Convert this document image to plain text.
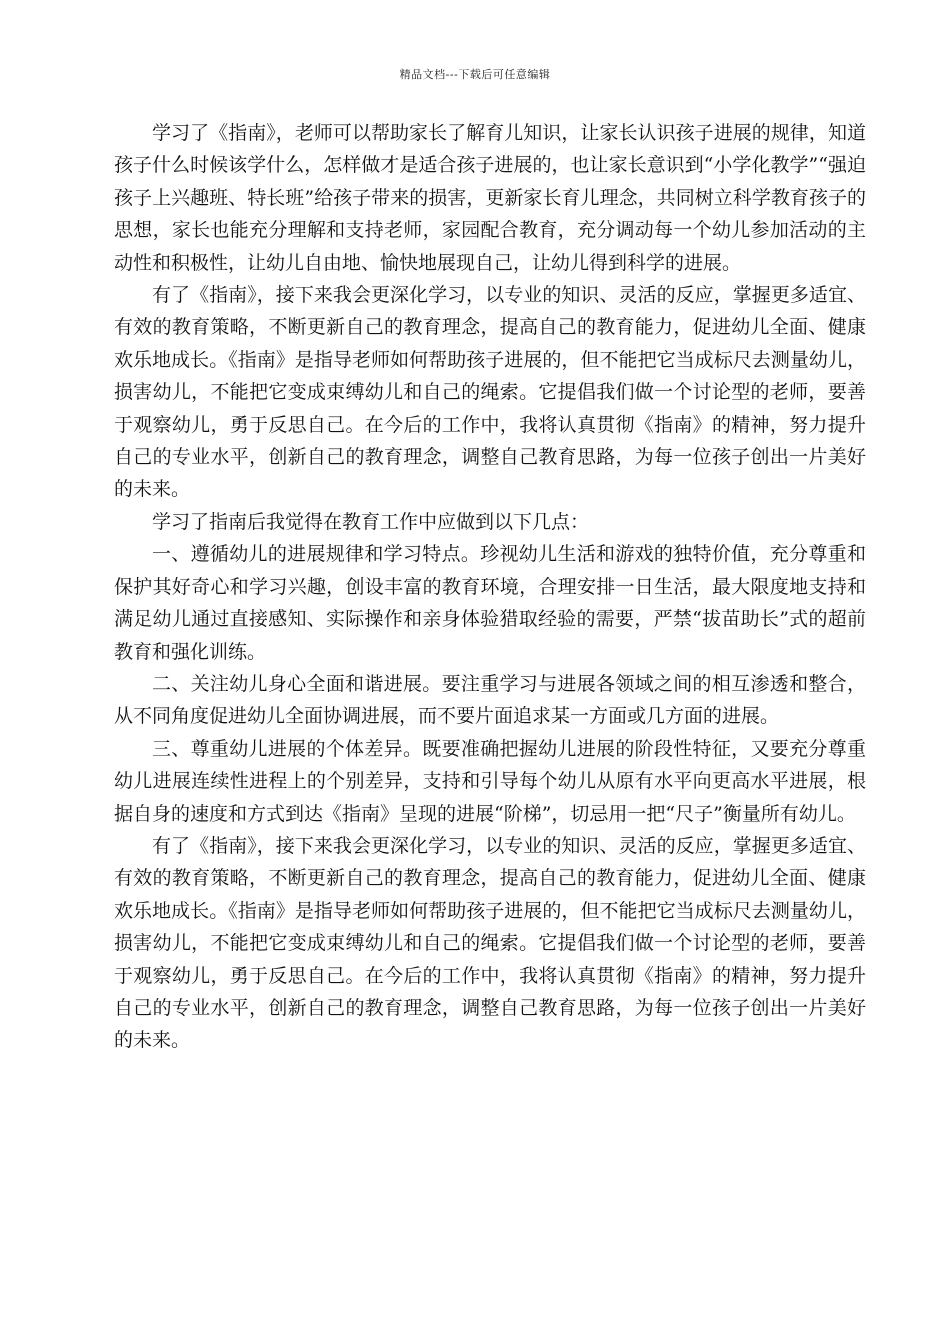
精品文档---下载后可任意编辑

学习了《指南》，老师可以帮助家长了解育儿知识，让家长认识孩子进展的规律，知道孩子什么时候该学什么，怎样做才是适合孩子进展的，也让家长意识到“小学化教学”“强迫孩子上兴趣班、特长班”给孩子带来的损害，更新家长育儿理念，共同树立科学教育孩子的思想，家长也能充分理解和支持老师，家园配合教育，充分调动每一个幼儿参加活动的主动性和积极性，让幼儿自由地、愉快地展现自己，让幼儿得到科学的进展。

有了《指南》，接下来我会更深化学习，以专业的知识、灵活的反应，掌握更多适宜、有效的教育策略，不断更新自己的教育理念，提高自己的教育能力，促进幼儿全面、健康欢乐地成长。《指南》是指导老师如何帮助孩子进展的，但不能把它当成标尺去测量幼儿，损害幼儿，不能把它变成束缚幼儿和自己的绳索。它提倡我们做一个讨论型的老师，要善于观察幼儿，勇于反思自己。在今后的工作中，我将认真贯彻《指南》的精神，努力提升自己的专业水平，创新自己的教育理念，调整自己教育思路，为每一位孩子创出一片美好的未来。

学习了指南后我觉得在教育工作中应做到以下几点：

一、遵循幼儿的进展规律和学习特点。珍视幼儿生活和游戏的独特价值，充分尊重和保护其好奇心和学习兴趣，创设丰富的教育环境，合理安排一日生活，最大限度地支持和满足幼儿通过直接感知、实际操作和亲身体验猎取经验的需要，严禁“拔苗助长”式的超前教育和强化训练。

二、关注幼儿身心全面和谐进展。要注重学习与进展各领域之间的相互渗透和整合，从不同角度促进幼儿全面协调进展，而不要片面追求某一方面或几方面的进展。

三、尊重幼儿进展的个体差异。既要准确把握幼儿进展的阶段性特征，又要充分尊重幼儿进展连续性进程上的个别差异，支持和引导每个幼儿从原有水平向更高水平进展，根据自身的速度和方式到达《指南》呈现的进展“阶梯”，切忌用一把“尺子”衡量所有幼儿。

有了《指南》，接下来我会更深化学习，以专业的知识、灵活的反应，掌握更多适宜、有效的教育策略，不断更新自己的教育理念，提高自己的教育能力，促进幼儿全面、健康欢乐地成长。《指南》是指导老师如何帮助孩子进展的，但不能把它当成标尺去测量幼儿，损害幼儿，不能把它变成束缚幼儿和自己的绳索。它提倡我们做一个讨论型的老师，要善于观察幼儿，勇于反思自己。在今后的工作中，我将认真贯彻《指南》的精神，努力提升自己的专业水平，创新自己的教育理念，调整自己教育思路，为每一位孩子创出一片美好的未来。
